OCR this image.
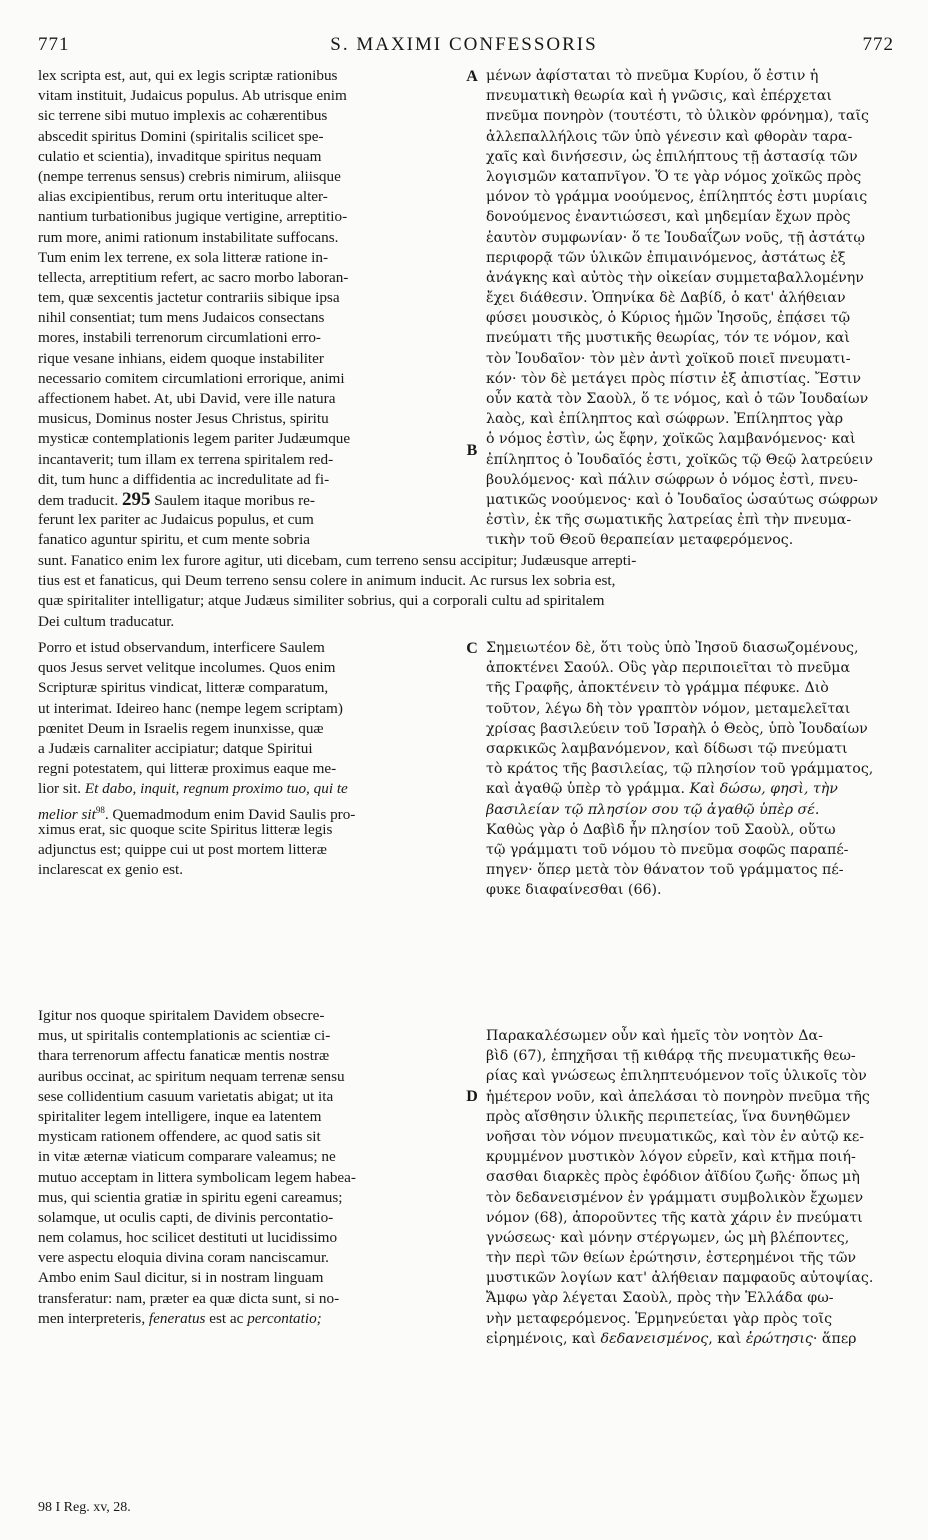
771	S. MAXIMI CONFESSORIS	772
lex scripta est, aut, qui ex legis scriptæ rationibus
vitam instituit, Judaicus populus. Ab utrisque enim
sic terrene sibi mutuo implexis ac cohærentibus
abscedit spiritus Domini (spiritalis scilicet spe-
culatio et scientia), invaditque spiritus nequam
(nempe terrenus sensus) crebris nimirum, aliisque
alias excipientibus, rerum ortu interituque alter-
nantium turbationibus jugique vertigine, arreptitio-
rum more, animi rationum instabilitate suffocans.
Tum enim lex terrene, ex sola litteræ ratione in-
tellecta, arreptitium refert, ac sacro morbo laboran-
tem, quæ sexcentis jactetur contrariis sibique ipsa
nihil consentiat; tum mens Judaicos consectans
mores, instabili terrenorum circumlationi erro-
rique vesane inhians, eidem quoque instabiliter
necessario comitem circumlationi errorique, animi
affectionem habet. At, ubi David, vere ille natura
musicus, Dominus noster Jesus Christus, spiritu
mysticæ contemplationis legem pariter Judæumque
incantaverit; tum illam ex terrena spiritalem red-
dit, tum hunc a diffidentia ac incredulitate ad fi-
dem traducit. 295 Saulem itaque moribus re-
ferunt lex pariter ac Judaicus populus, et cum
fanatico aguntur spiritu, et cum mente sobria
A μένων ἀφίσταται τὸ πνεῦμα Κυρίου, ὅ ἐστιν ἡ
πνευματικὴ θεωρία καὶ ἡ γνῶσις, καὶ ἐπέρχεται
πνεῦμα πονηρὸν (τουτέστι, τὸ ὑλικὸν φρόνημα), ταῖς
ἀλλεπαλλήλοις τῶν ὑπὸ γένεσιν καὶ φθορὰν ταρα-
χαῖς καὶ δινήσεσιν, ὡς ἐπιλήπτους τῇ ἀστασίᾳ τῶν
λογισμῶν καταπνῖγον. Ὅ τε γὰρ νόμος χοϊκῶς πρὸς
μόνον τὸ γράμμα νοούμενος, ἐπίληπτός ἐστι μυρίαις
δονούμενος ἐναντιώσεσι, καὶ μηδεμίαν ἔχων πρὸς
ἑαυτὸν συμφωνίαν· ὅ τε Ἰουδαΐζων νοῦς, τῇ ἀστάτῳ
περιφορᾷ τῶν ὑλικῶν ἐπιμαινόμενος, ἀστάτως ἐξ
ἀνάγκης καὶ αὐτὸς τὴν οἰκείαν συμμεταβαλλομένην
ἔχει διάθεσιν. Ὁπηνίκα δὲ Δαβίδ, ὁ κατ' ἀλήθειαν
φύσει μουσικὸς, ὁ Κύριος ἡμῶν Ἰησοῦς, ἐπᾴσει τῷ
πνεύματι τῆς μυστικῆς θεωρίας, τόν τε νόμον, καὶ
τὸν Ἰουδαῖον· τὸν μὲν ἀντὶ χοϊκοῦ ποιεῖ πνευματι-
κόν· τὸν δὲ μετάγει πρὸς πίστιν ἐξ ἀπιστίας. Ἔστιν
οὖν κατὰ τὸν Σαοὺλ, ὅ τε νόμος, καὶ ὁ τῶν Ἰουδαίων
λαὸς, καὶ ἐπίληπτος καὶ σώφρων. Ἐπίληπτος γὰρ
ὁ νόμος ἐστὶν, ὡς ἔφην, χοϊκῶς λαμβανόμενος· καὶ
ἐπίληπτος ὁ Ἰουδαῖός ἐστι, χοϊκῶς τῷ Θεῷ λατρεύειν
βουλόμενος· καὶ πάλιν σώφρων ὁ νόμος ἐστὶ, πνευ-
ματικῶς νοούμενος· καὶ ὁ Ἰουδαῖος ὡσαύτως σώφρων
ἐστὶν, ἐκ τῆς σωματικῆς λατρείας ἐπὶ τὴν πνευμα-
τικὴν τοῦ Θεοῦ θεραπείαν μεταφερόμενος.
B
sunt. Fanatico enim lex furore agitur, uti dicebam, cum terreno sensu accipitur; Judæusque arrepti-
tius est et fanaticus, qui Deum terreno sensu colere in animum inducit. Ac rursus lex sobria est,
quæ spiritaliter intelligatur; atque Judæus similiter sobrius, qui a corporali cultu ad spiritalem
Dei cultum traducatur.
Porro et istud observandum, interficere Saulem
quos Jesus servet velitque incolumes. Quos enim
Scripturæ spiritus vindicat, litteræ comparatum,
ut interimat. Ideireo hanc (nempe legem scriptam)
pœnitet Deum in Israelis regem inunxisse, quæ
a Judæis carnaliter accipiatur; datque Spiritui
regni potestatem, qui litteræ proximus eaque me-
lior sit. Et dabo, inquit, regnum proximo tuo, qui te
melior sit$^{98}$. Quemadmodum enim David Saulis pro-
ximus erat, sic quoque scite Spiritus litteræ legis
adjunctus est; quippe cui ut post mortem litteræ
inclarescat ex genio est.
C Σημειωτέον δὲ, ὅτι τοὺς ὑπὸ Ἰησοῦ διασωζομένους,
ἀποκτένει Σαούλ. Οὓς γὰρ περιποιεῖται τὸ πνεῦμα
τῆς Γραφῆς, ἀποκτένειν τὸ γράμμα πέφυκε. Διὸ
τοῦτον, λέγω δὴ τὸν γραπτὸν νόμον, μεταμελεῖται
χρίσας βασιλεύειν τοῦ Ἰσραὴλ ὁ Θεὸς, ὑπὸ Ἰουδαίων
σαρκικῶς λαμβανόμενον, καὶ δίδωσι τῷ πνεύματι
τὸ κράτος τῆς βασιλείας, τῷ πλησίον τοῦ γράμματος,
καὶ ἀγαθῷ ὑπὲρ τὸ γράμμα. Καὶ δώσω, φησὶ, τὴν
βασιλείαν τῷ πλησίον σου τῷ ἀγαθῷ ὑπὲρ σέ.
Καθὼς γὰρ ὁ Δαβὶδ ἦν πλησίον τοῦ Σαοὺλ, οὕτω
τῷ γράμματι τοῦ νόμου τὸ πνεῦμα σοφῶς παραπέ-
πηγεν· ὅπερ μετὰ τὸν θάνατον τοῦ γράμματος πέ-
φυκε διαφαίνεσθαι (66).
Igitur nos quoque spiritalem Davidem obsecre-
mus, ut spiritalis contemplationis ac scientiæ ci-
thara terrenorum affectu fanaticæ mentis nostræ
auribus occinat, ac spiritum nequam terrenæ sensu
sese collidentium casuum varietatis abigat; ut ita
spiritaliter legem intelligere, inque ea latentem
mysticam rationem offendere, ac quod satis sit
in vitæ æternæ viaticum comparare valeamus; ne
mutuo acceptam in littera symbolicam legem habea-
mus, qui scientia gratiæ in spiritu egeni careamus;
solamque, ut oculis capti, de divinis percontatio-
nem colamus, hoc scilicet destituti ut lucidissimo
vere aspectu eloquia divina coram nanciscamur.
Ambo enim Saul dicitur, si in nostram linguam
transferatur: nam, præter ea quæ dicta sunt, si no-
men interpreteris, feneratus est ac percontatio;
D
Παρακαλέσωμεν οὖν καὶ ἡμεῖς τὸν νοητὸν Δα-
βὶδ (67), ἐπηχῆσαι τῇ κιθάρᾳ τῆς πνευματικῆς θεω-
ρίας καὶ γνώσεως ἐπιληπτευόμενον τοῖς ὑλικοῖς τὸν
ἡμέτερον νοῦν, καὶ ἀπελάσαι τὸ πονηρὸν πνεῦμα τῆς
πρὸς αἴσθησιν ὑλικῆς περιπετείας, ἵνα δυνηθῶμεν
νοῆσαι τὸν νόμον πνευματικῶς, καὶ τὸν ἐν αὐτῷ κε-
κρυμμένον μυστικὸν λόγον εὑρεῖν, καὶ κτῆμα ποιή-
σασθαι διαρκὲς πρὸς ἐφόδιον ἀϊδίου ζωῆς· ὅπως μὴ
τὸν δεδανεισμένον ἐν γράμματι συμβολικὸν ἔχωμεν
νόμον (68), ἀποροῦντες τῆς κατὰ χάριν ἐν πνεύματι
γνώσεως· καὶ μόνην στέργωμεν, ὡς μὴ βλέποντες,
τὴν περὶ τῶν θείων ἐρώτησιν, ἐστερημένοι τῆς τῶν
μυστικῶν λογίων κατ' ἀλήθειαν παμφαοῦς αὐτοψίας.
Ἄμφω γὰρ λέγεται Σαοὺλ, πρὸς τὴν Ἑλλάδα φω-
νὴν μεταφερόμενος. Ἑρμηνεύεται γὰρ πρὸς τοῖς
εἰρημένοις, καὶ δεδανεισμένος, καὶ ἐρώτησις· ἅπερ
98 I Reg. xv, 28.
